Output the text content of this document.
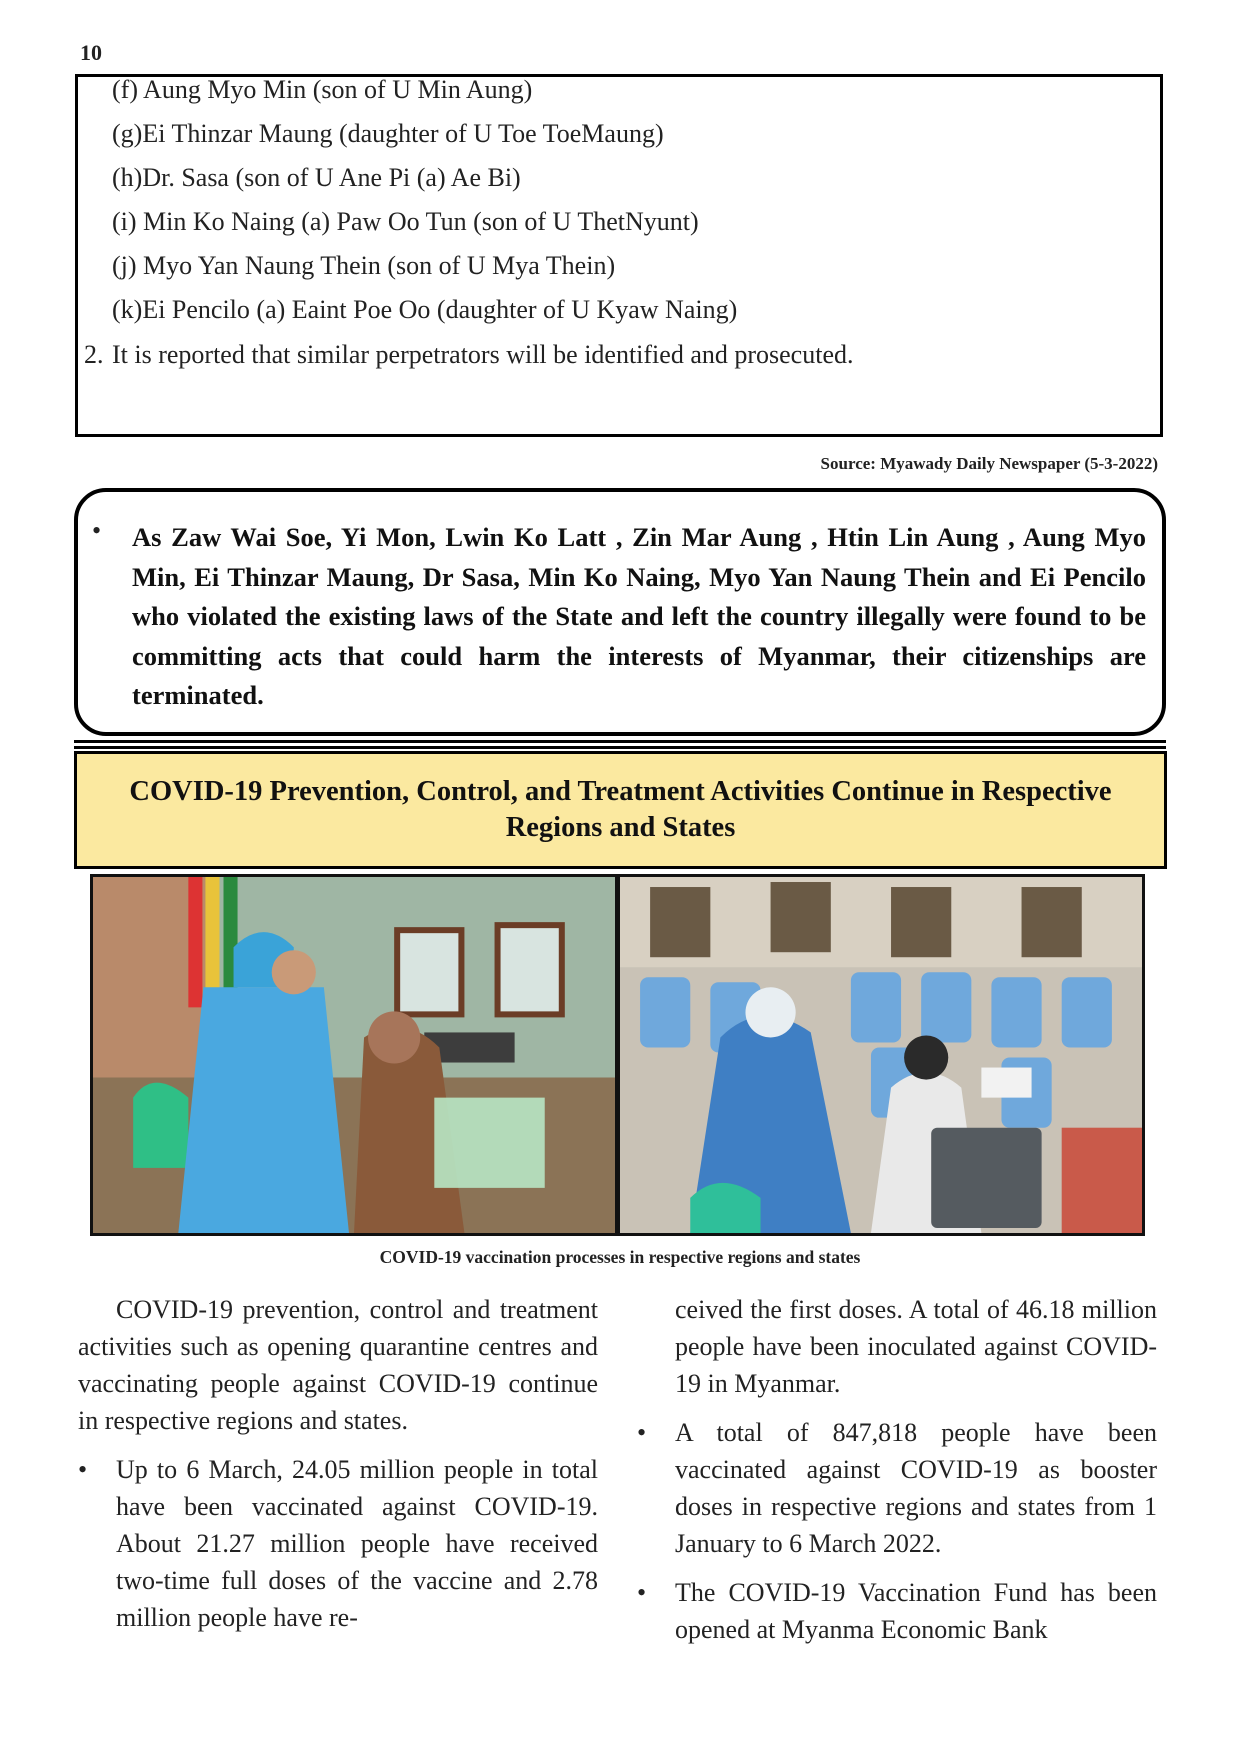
10
(f) Aung Myo Min (son of U Min Aung)
(g)Ei Thinzar Maung (daughter of U Toe ToeMaung)
(h)Dr. Sasa (son of U Ane Pi (a) Ae Bi)
(i) Min Ko Naing (a) Paw Oo Tun (son of U ThetNyunt)
(j) Myo Yan Naung Thein (son of U Mya Thein)
(k)Ei Pencilo (a) Eaint Poe Oo (daughter of U Kyaw Naing)
2. It is reported that similar perpetrators will be identified and prosecuted.
Source: Myawady Daily Newspaper (5-3-2022)
• As Zaw Wai Soe, Yi Mon, Lwin Ko Latt , Zin Mar Aung , Htin Lin Aung , Aung Myo Min, Ei Thinzar Maung, Dr Sasa, Min Ko Naing, Myo Yan Naung Thein and Ei Pencilo who violated the existing laws of the State and left the country illegally were found to be committing acts that could harm the interests of Myanmar, their citizenships are terminated.
COVID-19 Prevention, Control, and Treatment Activities Continue in Respective
Regions and States
COVID-19 vaccination processes in respective regions and states

COVID-19 prevention, control and treatment activities such as opening quarantine centres and vaccinating people against COVID-19 continue in respective regions and states.

• Up to 6 March, 24.05 million people in total have been vaccinated against COVID-19. About 21.27 million people have received two-time full doses of the vaccine and 2.78 million people have re-

ceived the first doses. A total of 46.18 million people have been inoculated against COVID-19 in Myanmar.

• A total of 847,818 people have been vaccinated against COVID-19 as booster doses in respective regions and states from 1 January to 6 March 2022.

• The COVID-19 Vaccination Fund has been opened at Myanma Economic Bank
